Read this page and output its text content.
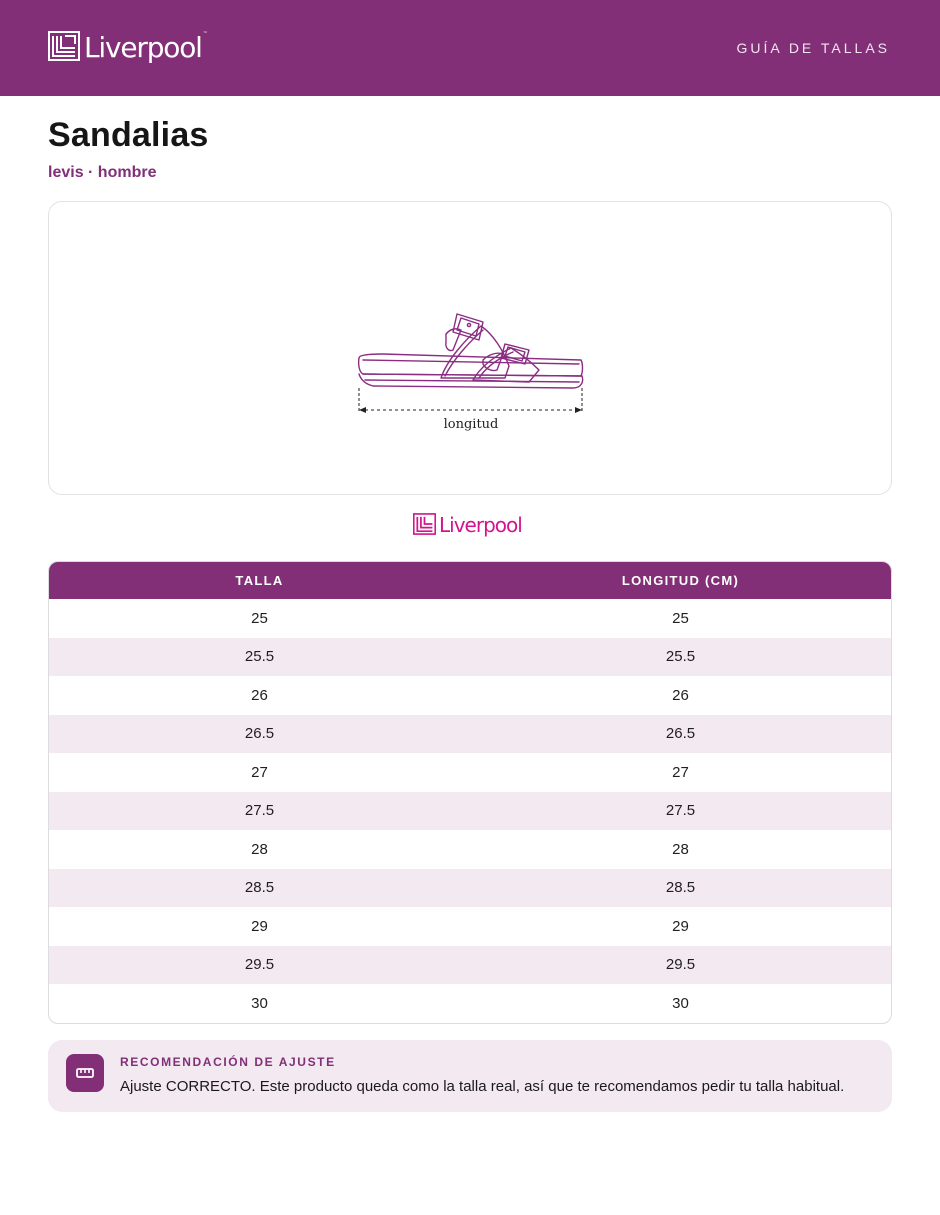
Liverpool ™
GUÍA DE TALLAS
Sandalias
levis · hombre
longitud
Liverpool
TALLA	LONGITUD (CM)
25	25
25.5	25.5
26	26
26.5	26.5
27	27
27.5	27.5
28	28
28.5	28.5
29	29
29.5	29.5
30	30
RECOMENDACIÓN DE AJUSTE
Ajuste CORRECTO. Este producto queda como la talla real, así que te recomendamos pedir tu talla habitual.
